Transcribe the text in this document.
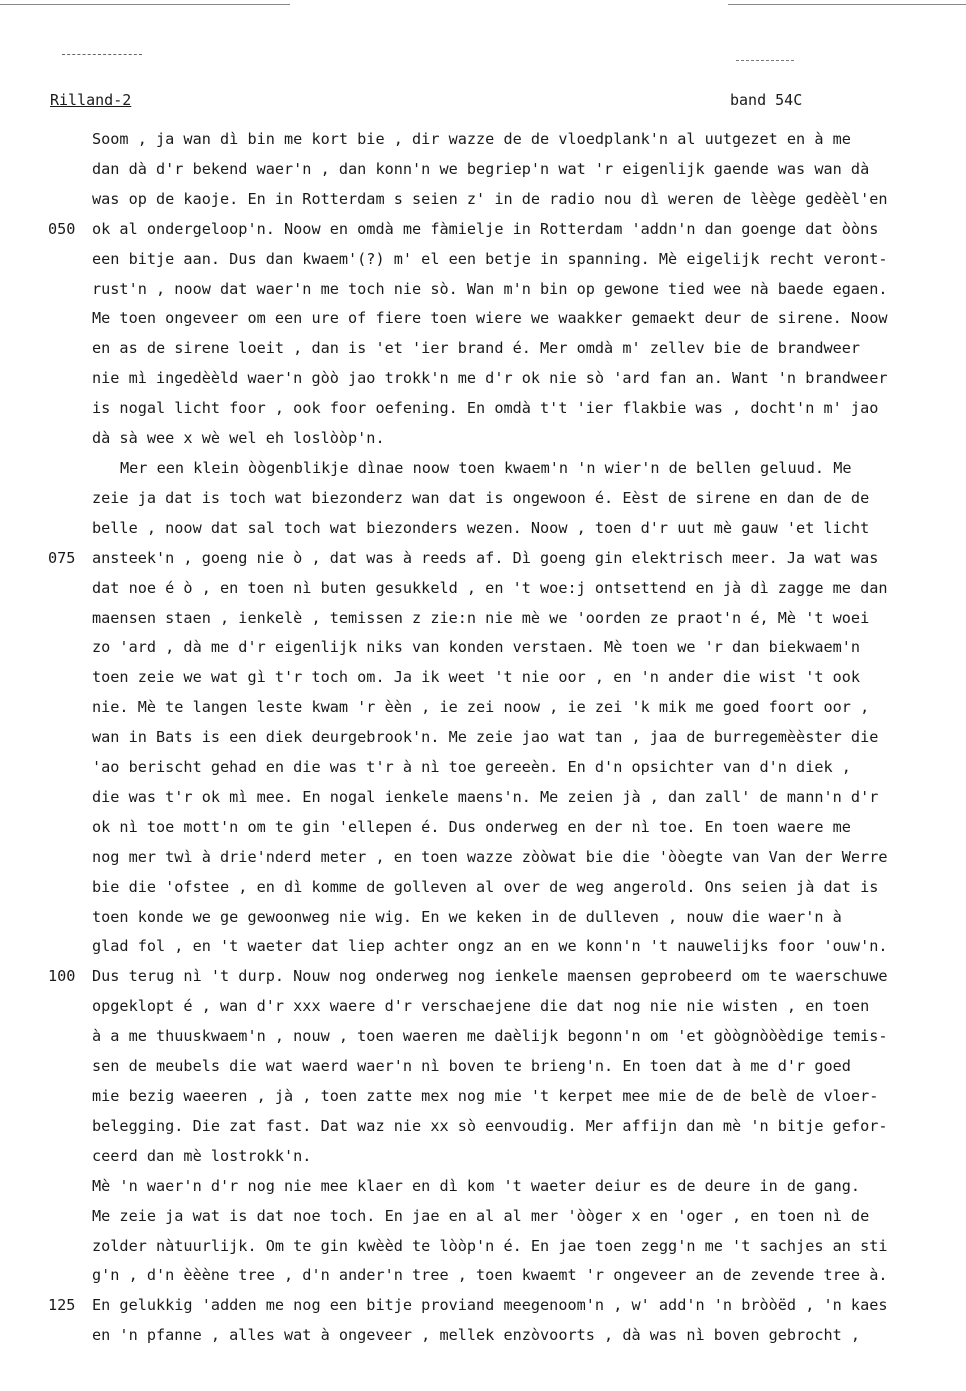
Rilland-2	band 54C
Soom , ja wan dì bin me kort bie , dir wazze de de vloedplank'n al uutgezet en à me
dan dà d'r bekend waer'n , dan konn'n we begriep'n wat 'r eigenlijk gaende was wan dà
was op de kaoje. En in Rotterdam s seien z' in de radio nou dì weren de lèège gedèèl'en
050	ok al ondergeloop'n. Noow en omdà me fàmielje in Rotterdam 'addn'n dan goenge dat òòns
een bitje aan. Dus dan kwaem'(?) m' el een betje in spanning. Mè eigelijk recht veront-
rust'n , noow dat waer'n me toch nie sò. Wan m'n bin op gewone tied wee nà baede egaen.
Me toen ongeveer om een ure of fiere toen wiere we waakker gemaekt deur de sirene. Noow
en as de sirene loeit , dan is 'et 'ier brand é. Mer omdà m' zellev bie de brandweer
nie mì ingedèèld waer'n gòò jao trokk'n me d'r ok nie sò 'ard fan an. Want 'n brandweer
is nogal licht foor , ook foor oefening. En omdà t't 'ier flakbie was , docht'n m' jao
dà sà wee x wè wel eh loslòòp'n.
Mer een klein òògenblikje dìnae noow toen kwaem'n 'n wier'n de bellen geluud. Me
zeie ja dat is toch wat biezonderz wan dat is ongewoon é. Eèst de sirene en dan de de
belle , noow dat sal toch wat biezonders wezen. Noow , toen d'r uut mè gauw 'et licht
075	ansteek'n , goeng nie ò , dat was à reeds af. Dì goeng gin elektrisch meer. Ja wat was
dat noe é ò , en toen nì buten gesukkeld , en 't woe:j ontsettend en jà dì zagge me dan
maensen staen , ienkelè , temissen z zie:n nie mè we 'oorden ze praot'n é, Mè 't woei
zo 'ard , dà me d'r eigenlijk niks van konden verstaen. Mè toen we 'r dan biekwaem'n
toen zeie we wat gì t'r toch om. Ja ik weet 't nie oor , en 'n ander die wist 't ook
nie. Mè te langen leste kwam 'r èèn , ie zei noow , ie zei 'k mik me goed foort oor ,
wan in Bats is een diek deurgebrook'n. Me zeie jao wat tan , jaa de burregemèèster die
'ao berischt gehad en die was t'r à nì toe gereeèn. En d'n opsichter van d'n diek ,
die was t'r ok mì mee. En nogal ienkele maens'n. Me zeien jà , dan zall' de mann'n d'r
ok nì toe mott'n om te gin 'ellepen é. Dus onderweg en der nì toe. En toen waere me
nog mer twì à drie'nderd meter , en toen wazze zòòwat bie die 'òòegte van Van der Werre
bie die 'ofstee , en dì komme de golleven al over de weg angerold. Ons seien jà dat is
toen konde we ge gewoonweg nie wig. En we keken in de dulleven , nouw die waer'n à
glad fol , en 't waeter dat liep achter ongz an en we konn'n 't nauwelijks foor 'ouw'n.
100	Dus terug nì 't durp. Nouw nog onderweg nog ienkele maensen geprobeerd om te waerschuwe
opgeklopt é , wan d'r xxx waere d'r verschaejene die dat nog nie nie wisten , en toen
à a me thuuskwaem'n , nouw , toen waeren me daèlijk begonn'n om 'et gòògnòòèdige temis-
sen de meubels die wat waerd waer'n nì boven te brieng'n. En toen dat à me d'r goed
mie bezig waeeren , jà , toen zatte mex nog mie 't kerpet mee mie de de belè de vloer-
belegging. Die zat fast. Dat waz nie xx sò eenvoudig. Mer affijn dan mè 'n bitje gefor-
ceerd dan mè lostrokk'n.
Mè 'n waer'n d'r nog nie mee klaer en dì kom 't waeter deiur es de deure in de gang.
Me zeie ja wat is dat noe toch. En jae en al al mer 'òòger x en 'oger , en toen nì de
zolder nàtuurlijk. Om te gin kwèèd te lòòp'n é. En jae toen zegg'n me 't sachjes an sti
g'n , d'n èèène tree , d'n ander'n tree , toen kwaemt 'r ongeveer an de zevende tree à.
125	En gelukkig 'adden me nog een bitje proviand meegenoom'n , w' add'n 'n bròòëd , 'n kaes
en 'n pfanne , alles wat à ongeveer , mellek enzòvoorts , dà was nì boven gebrocht ,
